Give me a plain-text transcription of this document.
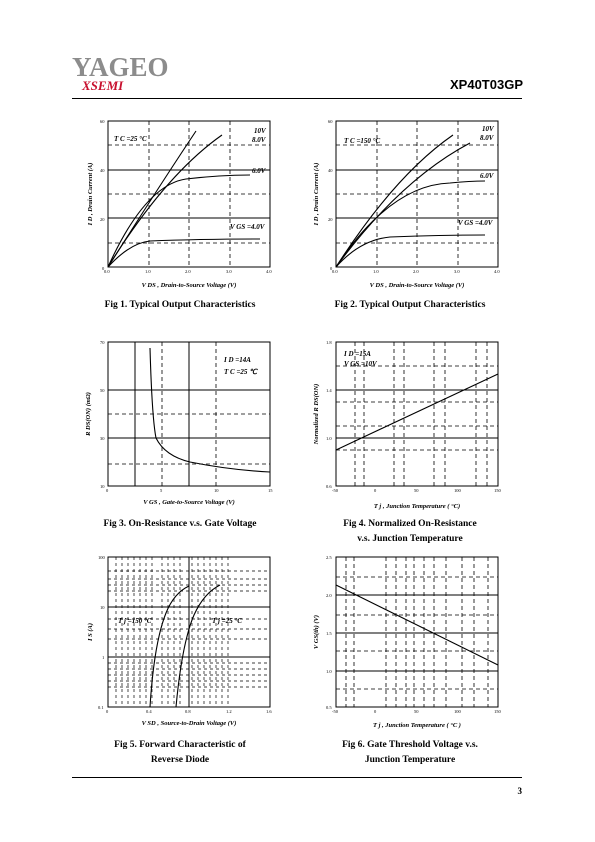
YAGEO
XSEMI	XP40T03GP
T C =25 °C
10V
8.0V
6.0V
V GS =4.0V
0.0	1.0	2.0	3.0	4.0
60
40
20
0
V DS , Drain-to-Source Voltage (V)
I D , Drain Current (A)
Fig 1. Typical Output Characteristics
T C =150 °C
10V
8.0V
6.0V
V GS =4.0V
0.0	1.0	2.0	3.0	4.0
60
40
20
0
V DS , Drain-to-Source Voltage (V)
I D , Drain Current (A)
Fig 2. Typical Output Characteristics
I D =14A
T C =25 ℃
0	5	10	15
70
50
30
10
V GS , Gate-to-Source Voltage (V)
R DS(ON) (mΩ)
Fig 3. On-Resistance v.s. Gate Voltage
I D =15A
V GS =10V
-50	0	50	100	150
1.8
1.4
1.0
0.6
T j , Junction Temperature ( °C)
Normalized R DS(ON)
Fig 4. Normalized On-Resistance
v.s. Junction Temperature
T j =150 °C	T j =25 °C
0	0.4	0.8	1.2	1.6
100
10
1
0.1
V SD , Source-to-Drain Voltage (V)
I S (A)
Fig 5. Forward Characteristic of
Reverse Diode
-50	0	50	100	150
2.5
2.0
1.5
1.0
0.5
T j , Junction Temperature ( °C )
V GS(th) (V)
Fig 6. Gate Threshold Voltage v.s.
Junction Temperature
3
